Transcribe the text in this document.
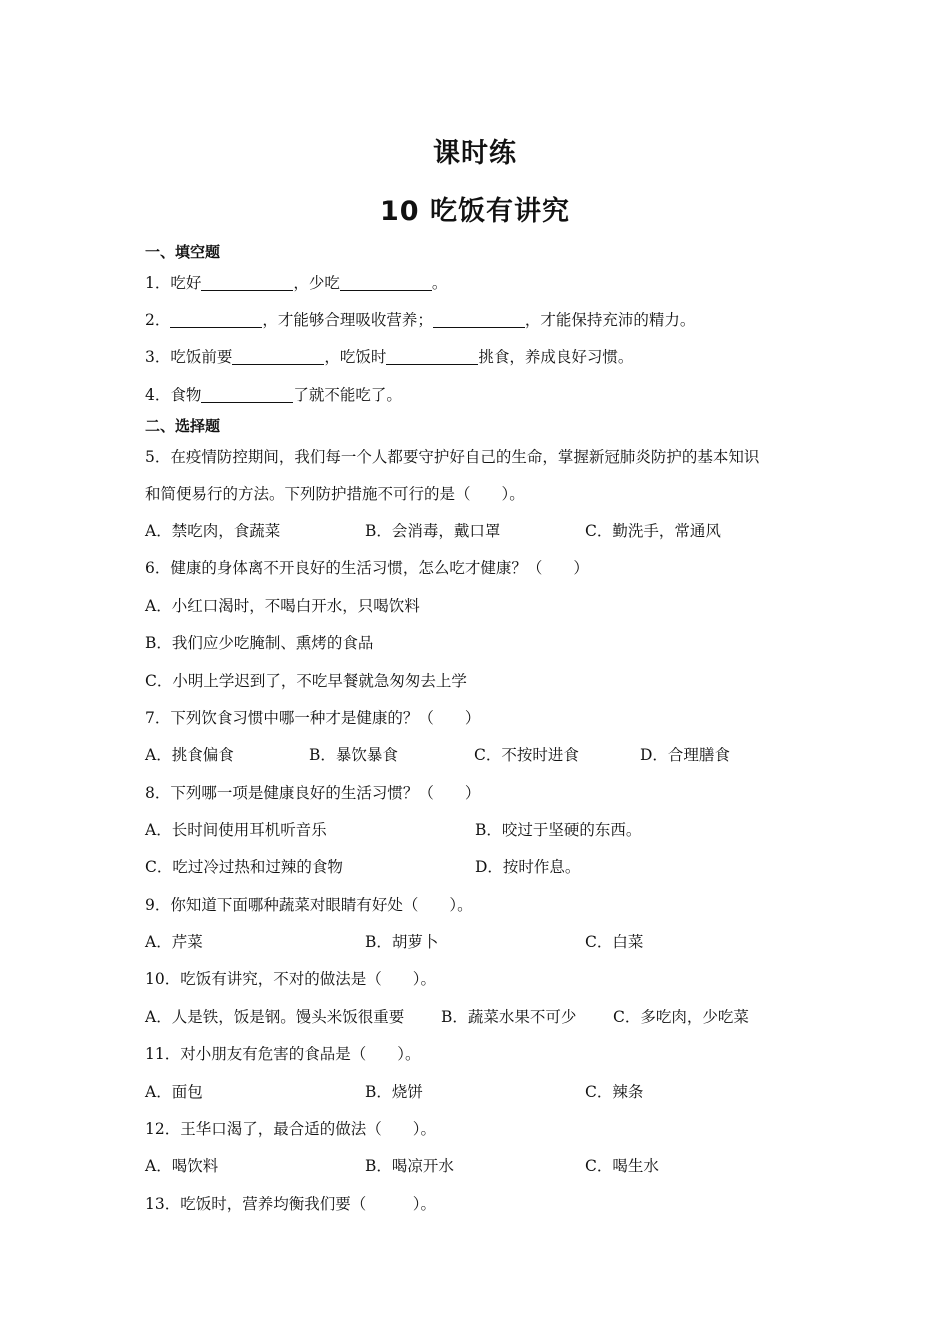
课时练
10 吃饭有讲究
一、填空题
1．吃好	，少吃	。
2．	，才能够合理吸收营养；	，才能保持充沛的精力。
3．吃饭前要	，吃饭时	挑食，养成良好习惯。
4．食物	了就不能吃了。
二、选择题
5．在疫情防控期间，我们每一个人都要守护好自己的生命，掌握新冠肺炎防护的基本知识
和简便易行的方法。下列防护措施不可行的是（　　）。
A．禁吃肉，食蔬菜	B．会消毒，戴口罩	C．勤洗手，常通风
6．健康的身体离不开良好的生活习惯，怎么吃才健康？（　　）
A．小红口渴时，不喝白开水，只喝饮料
B．我们应少吃腌制、熏烤的食品
C．小明上学迟到了，不吃早餐就急匆匆去上学
7．下列饮食习惯中哪一种才是健康的？（　　）
A．挑食偏食	B．暴饮暴食	C．不按时进食	D．合理膳食
8．下列哪一项是健康良好的生活习惯？（　　）
A．长时间使用耳机听音乐	B．咬过于坚硬的东西。
C．吃过冷过热和过辣的食物	D．按时作息。
9．你知道下面哪种蔬菜对眼睛有好处（　　）。
A．芹菜	B．胡萝卜	C．白菜
10．吃饭有讲究，不对的做法是（　　）。
A．人是铁，饭是钢。馒头米饭很重要 B．蔬菜水果不可少 C．多吃肉，少吃菜
11．对小朋友有危害的食品是（　　）。
A．面包	B．烧饼	C．辣条
12．王华口渴了，最合适的做法（　　）。
A．喝饮料	B．喝凉开水	C．喝生水
13．吃饭时，营养均衡我们要（　　　）。
